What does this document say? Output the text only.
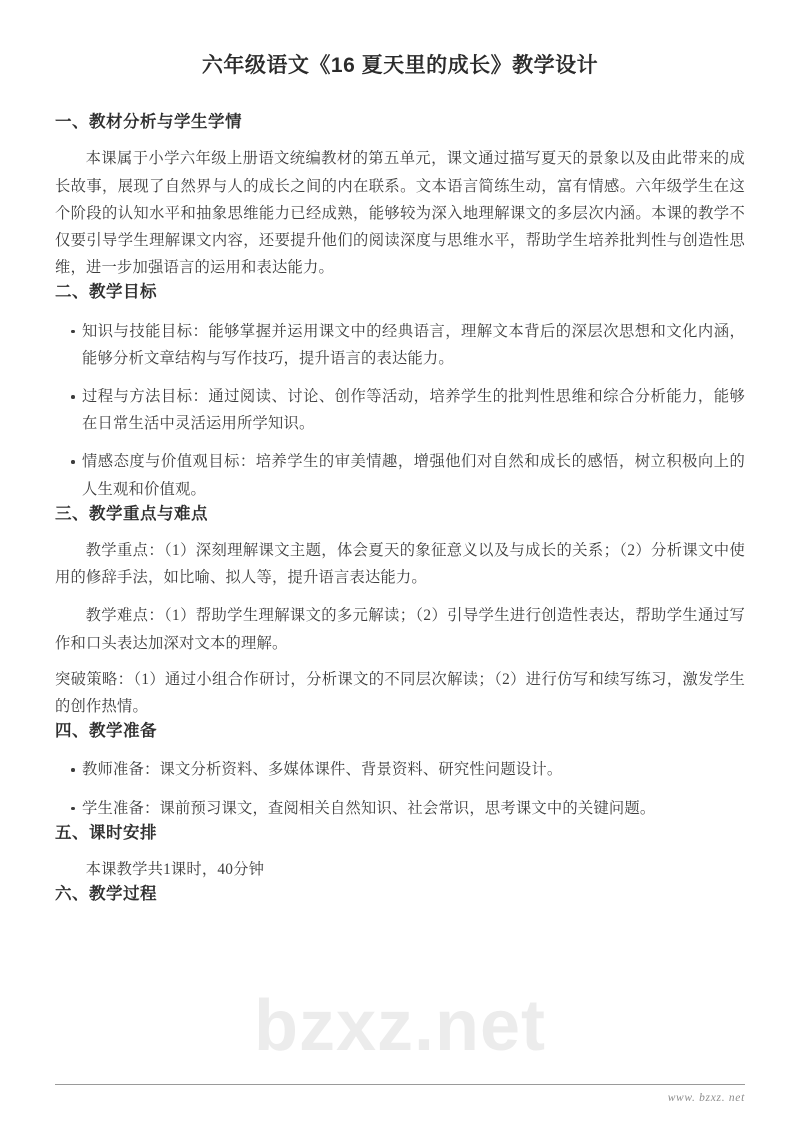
bzxz.net
六年级语文《16 夏天里的成长》教学设计
一、教材分析与学生学情

本课属于小学六年级上册语文统编教材的第五单元，课文通过描写夏天的景象以及由此带来的成长故事，展现了自然界与人的成长之间的内在联系。文本语言简练生动，富有情感。六年级学生在这个阶段的认知水平和抽象思维能力已经成熟，能够较为深入地理解课文的多层次内涵。本课的教学不仅要引导学生理解课文内容，还要提升他们的阅读深度与思维水平，帮助学生培养批判性与创造性思维，进一步加强语言的运用和表达能力。

二、教学目标
知识与技能目标：能够掌握并运用课文中的经典语言，理解文本背后的深层次思想和文化内涵，能够分析文章结构与写作技巧，提升语言的表达能力。
过程与方法目标：通过阅读、讨论、创作等活动，培养学生的批判性思维和综合分析能力，能够在日常生活中灵活运用所学知识。
情感态度与价值观目标：培养学生的审美情趣，增强他们对自然和成长的感悟，树立积极向上的人生观和价值观。
三、教学重点与难点

教学重点：（1）深刻理解课文主题，体会夏天的象征意义以及与成长的关系；（2）分析课文中使用的修辞手法，如比喻、拟人等，提升语言表达能力。

教学难点：（1）帮助学生理解课文的多元解读；（2）引导学生进行创造性表达，帮助学生通过写作和口头表达加深对文本的理解。

突破策略：（1）通过小组合作研讨，分析课文的不同层次解读；（2）进行仿写和续写练习，激发学生的创作热情。

四、教学准备
教师准备：课文分析资料、多媒体课件、背景资料、研究性问题设计。
学生准备：课前预习课文，查阅相关自然知识、社会常识，思考课文中的关键问题。
五、课时安排

本课教学共1课时，40分钟

六、教学过程
www. bzxz. net
